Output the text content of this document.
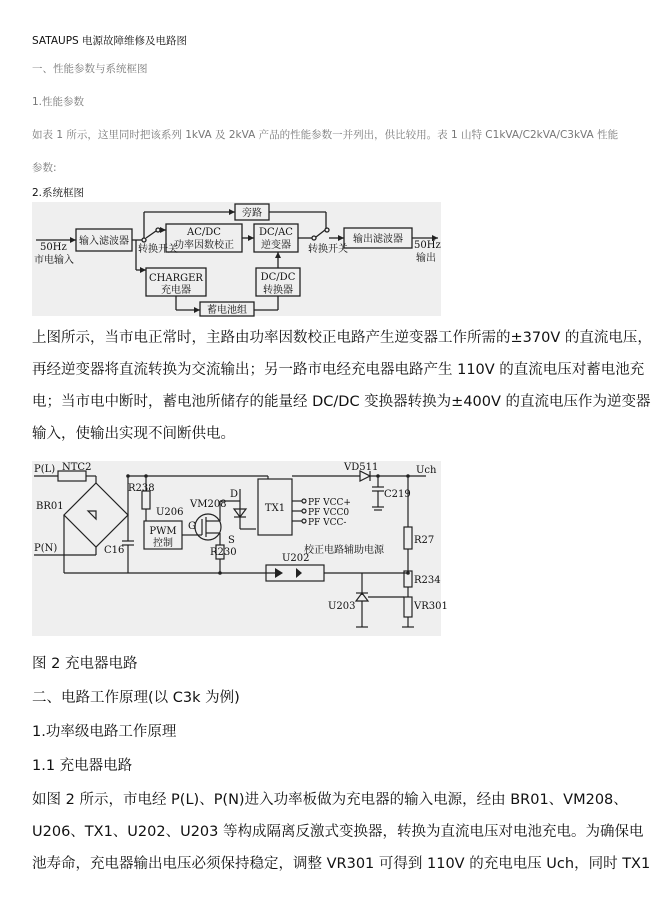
SATAUPS 电源故障维修及电路图
一、性能参数与系统框图
1.性能参数
如表 1 所示，这里同时把该系列 1kVA 及 2kVA 产品的性能参数一并列出，供比较用。表 1 山特 C1kVA/C2kVA/C3kVA 性能
参数:
2.系统框图
输入滤波器
旁路
AC/DC
功率因数校正
DC/AC
逆变器
输出滤波器
转换开关	转换开关
50Hz
市电输入
50Hz
输出
CHARGER
充电器
DC/DC
转换器
蓄电池组
上图所示，当市电正常时，主路由功率因数校正电路产生逆变器工作所需的±370V 的直流电压，
再经逆变器将直流转换为交流输出；另一路市电经充电器电路产生 110V 的直流电压对蓄电池充
电；当市电中断时，蓄电池所储存的能量经 DC/DC 变换器转换为±400V 的直流电压作为逆变器
输入，使输出实现不间断供电。
P(L)
P(N)
NTC2
BR01
C16
R238
U206
PWM
控制
VM208
G
D
S
R230
TX1
VD511
C219
Uch
PF VCC+
PF VCC0
PF VCC-
U202
校正电路辅助电源
R27
R234
VR301
U203
图 2 充电器电路
二、电路工作原理(以 C3k 为例)
1.功率级电路工作原理
1.1 充电器电路
如图 2 所示，市电经 P(L)、P(N)进入功率板做为充电器的输入电源，经由 BR01、VM208、
U206、TX1、U202、U203 等构成隔离反激式变换器，转换为直流电压对电池充电。为确保电
池寿命，充电器输出电压必须保持稳定，调整 VR301 可得到 110V 的充电电压 Uch，同时 TX1
